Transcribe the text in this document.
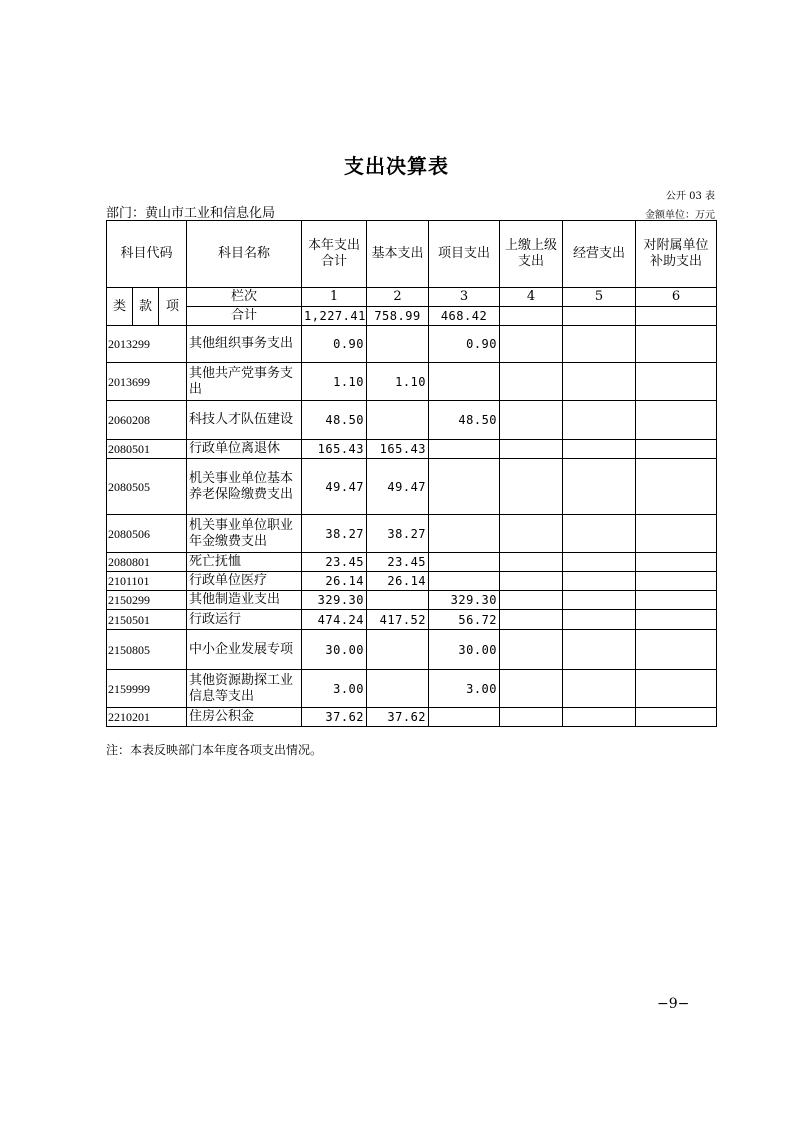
支出决算表
公开 03 表
部门：黄山市工业和信息化局	金额单位：万元
科目代码			科目名称	本年支出合计	基本支出	项目支出	上缴上级支出	经营支出	对附属单位补助支出
类	款	项	栏次	1	2	3	4	5	6
			合计	1,227.41	758.99	468.42			
2013299			其他组织事务支出	0.90		0.90			
2013699			其他共产党事务支出	1.10	1.10				
2060208			科技人才队伍建设	48.50		48.50			
2080501			行政单位离退休	165.43	165.43				
2080505			机关事业单位基本养老保险缴费支出	49.47	49.47				
2080506			机关事业单位职业年金缴费支出	38.27	38.27				
2080801			死亡抚恤	23.45	23.45				
2101101			行政单位医疗	26.14	26.14				
2150299			其他制造业支出	329.30		329.30			
2150501			行政运行	474.24	417.52	56.72			
2150805			中小企业发展专项	30.00		30.00			
2159999			其他资源勘探工业信息等支出	3.00		3.00			
2210201			住房公积金	37.62	37.62				
注：本表反映部门本年度各项支出情况。
−9−
